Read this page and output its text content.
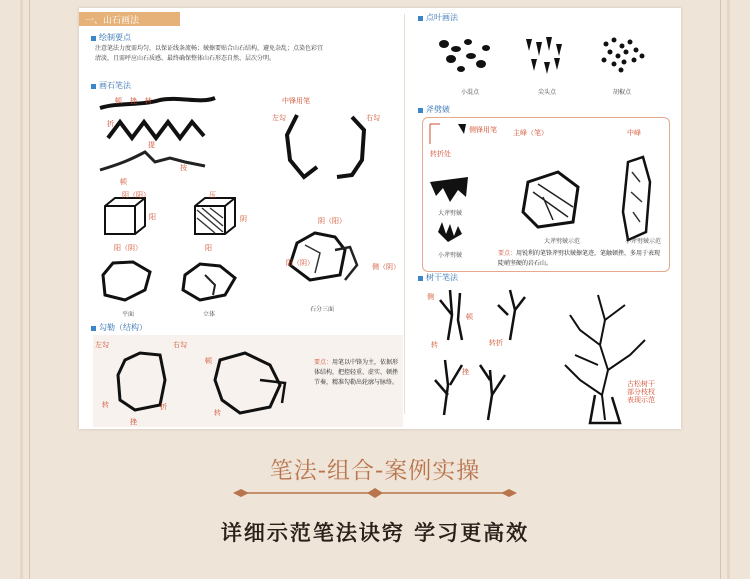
一、山石画法
绘制要点
注意笔法力度需均匀，以保证线条流畅；皴擦要贴合山石结构，避免杂乱；点染色彩宜清淡，且需呼应山石质感。最终确保整体山石形态自然、层次分明。
画石笔法
顿 挫 转
折
提
按
顿
阴（阳）
阳
阳（阴）
压
阴
阳
平面	立体
中锋用笔
左勾	右勾
阴（阳）
阳（阴）	侧（阴）
石分三面
勾勒（结构）
左勾	右勾
顿
转
挫
折
转
要点：用笔以中锋为主，依据形体结构，把控轻重、虚实、顿挫节奏，精准勾勒出轮廓与脉络。
点叶画法
小混点	尖头点	胡椒点
斧劈皴
侧锋用笔 主峰（笔）	中峰
转折处
大斧劈皴
小斧劈皴
大斧劈皴示范	小斧劈皴示范
要点：用锐利的笔锋斧劈状皴擦笔迹，笔触顿挫，多用于表现陡峭坚硬的岩石山。
树干笔法
侧
顿
转
挫
转折
古松树干部分枝杈表现示范
笔法-组合-案例实操
详细示范笔法诀窍 学习更高效
